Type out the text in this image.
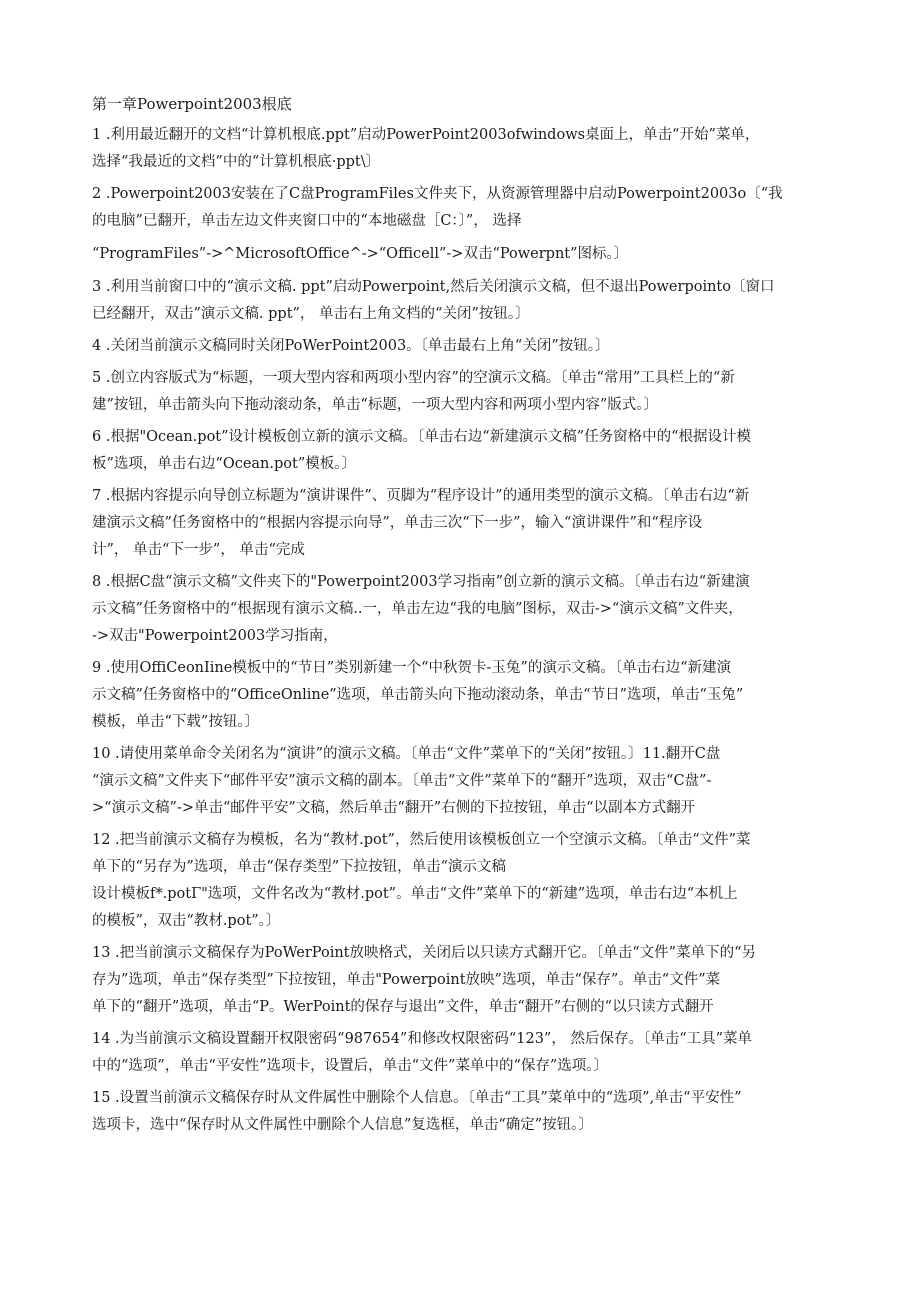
第一章Powerpoint2003根底
1 .利用最近翻开的文档“计算机根底.ppt”启动PowerPoint2003ofwindows桌面上，单击“开始”菜单，
选择“我最近的文档”中的“计算机根底·ppt\〕
2 .Powerpoint2003安装在了C盘ProgramFiles文件夹下，从资源管理器中启动Powerpoint2003o〔“我
的电脑”已翻开，单击左边文件夹窗口中的“本地磁盘［C：〕”， 选择
“ProgramFiles”->^MicrosoftOffice^->“Officell”->双击“Powerpnt”图标。〕
3 .利用当前窗口中的“演示文稿. ppt”启动Powerpoint,然后关闭演示文稿，但不退出Powerpointo〔窗口
已经翻开，双击”演示文稿. ppt”， 单击右上角文档的“关闭”按钮。〕
4 .关闭当前演示文稿同时关闭PoWerPoint2003。〔单击最右上角“关闭”按钮。〕
5 .创立内容版式为“标题，一项大型内容和两项小型内容”的空演示文稿。〔单击“常用”工具栏上的“新
建”按钮，单击箭头向下拖动滚动条，单击“标题，一项大型内容和两项小型内容”版式。〕
6 .根据"Ocean.pot”设计模板创立新的演示文稿。〔单击右边“新建演示文稿”任务窗格中的“根据设计模
板”选项，单击右边“Ocean.pot”模板。〕
7 .根据内容提示向导创立标题为“演讲课件”、页脚为“程序设计”的通用类型的演示文稿。〔单击右边“新
建演示文稿”任务窗格中的“根据内容提示向导”，单击三次“下一步”，输入“演讲课件”和“程序设
计”， 单击“下一步”， 单击“完成
8 .根据C盘“演示文稿”文件夹下的"Powerpoint2003学习指南”创立新的演示文稿。〔单击右边“新建演
示文稿”任务窗格中的“根据现有演示文稿..一，单击左边“我的电脑”图标，双击->“演示文稿”文件夹，
->双击"Powerpoint2003学习指南，
9 .使用OffiCeonIine模板中的“节日”类别新建一个“中秋贺卡-玉兔”的演示文稿。〔单击右边“新建演
示文稿”任务窗格中的“OfficeOnline”选项，单击箭头向下拖动滚动条，单击“节日”选项，单击“玉兔”
模板，单击“下载”按钮。〕
10 .请使用菜单命令关闭名为“演讲”的演示文稿。〔单击“文件”菜单下的“关闭”按钮。〕11.翻开C盘
“演示文稿”文件夹下“邮件平安”演示文稿的副本。〔单击“文件”菜单下的“翻开”选项，双击“C盘”-
>“演示文稿”->单击“邮件平安”文稿，然后单击“翻开”右侧的下拉按钮，单击“以副本方式翻开
12 .把当前演示文稿存为模板，名为“教材.pot”，然后使用该模板创立一个空演示文稿。〔单击“文件”菜
单下的“另存为”选项，单击“保存类型”下拉按钮，单击“演示文稿
设计模板f*.potΓ"选项，文件名改为“教材.pot”。单击“文件”菜单下的“新建”选项，单击右边“本机上
的模板”，双击“教材.pot”。〕
13 .把当前演示文稿保存为PoWerPoint放映格式，关闭后以只读方式翻开它。〔单击“文件”菜单下的“另
存为”选项，单击“保存类型”下拉按钮，单击"Powerpoint放映”选项，单击“保存”。单击“文件”菜
单下的“翻开”选项，单击“P。WerPoint的保存与退出”文件，单击“翻开”右侧的“以只读方式翻开
14 .为当前演示文稿设置翻开权限密码“987654”和修改权限密码“123”， 然后保存。〔单击“工具”菜单
中的“选项”，单击“平安性”选项卡，设置后，单击“文件”菜单中的“保存”选项。〕
15 .设置当前演示文稿保存时从文件属性中删除个人信息。〔单击“工具”菜单中的“选项”,单击“平安性”
选项卡，选中“保存时从文件属性中删除个人信息”复选框，单击“确定”按钮。〕
